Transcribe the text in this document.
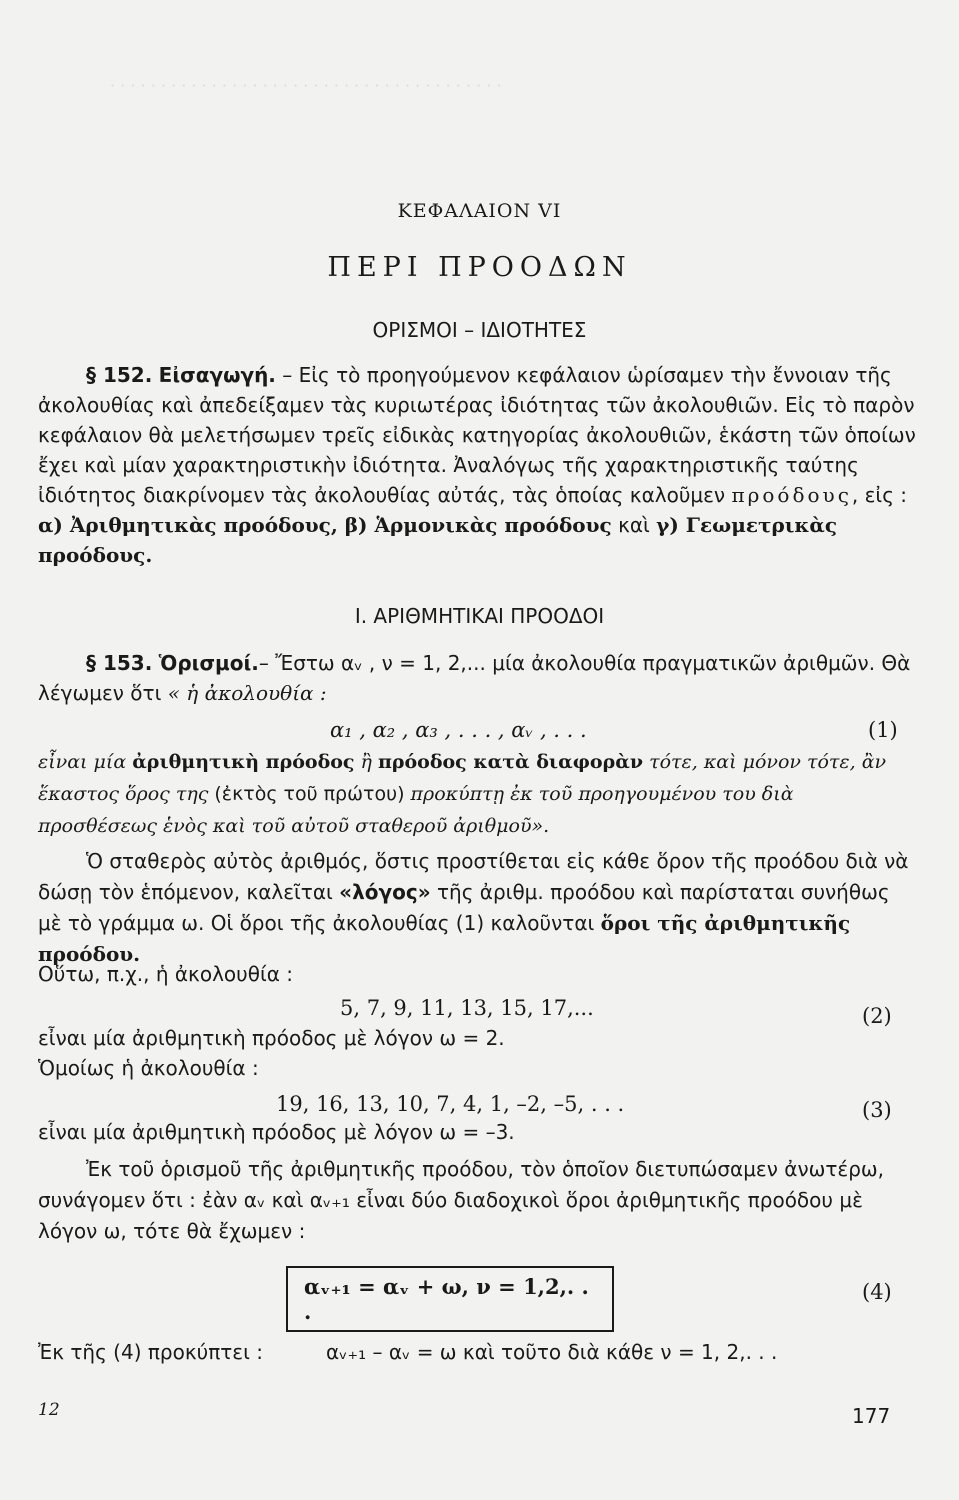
· · · · · · · · · · · · · · · · · · · · · · · · · · · · · · · · · · · · · · ·
ΚΕΦΑΛΑΙΟΝ VI
ΠΕΡΙ ΠΡΟΟΔΩΝ
ΟΡΙΣΜΟΙ – ΙΔΙΟΤΗΤΕΣ

§ 152. Εἰσαγωγή. – Εἰς τὸ προηγούμενον κεφάλαιον ὡρίσαμεν τὴν ἔννοιαν τῆς ἀκολουθίας καὶ ἀπεδείξαμεν τὰς κυριωτέρας ἰδιότητας τῶν ἀκολουθιῶν. Εἰς τὸ παρὸν κεφάλαιον θὰ μελετήσωμεν τρεῖς εἰδικὰς κατηγορίας ἀκολουθιῶν, ἑκάστη τῶν ὁποίων ἔχει καὶ μίαν χαρακτηριστικὴν ἰδιότητα. Ἀναλόγως τῆς χαρακτηριστικῆς ταύτης ἰδιότητος διακρίνομεν τὰς ἀκολουθίας αὐτάς, τὰς ὁποίας καλοῦμεν προόδους, εἰς : α) Ἀριθμητικὰς προόδους, β) Ἁρμονικὰς προόδους καὶ γ) Γεωμετρικὰς προόδους.

Ι. ΑΡΙΘΜΗΤΙΚΑΙ ΠΡΟΟΔΟΙ

§ 153. Ὁρισμοί.– Ἔστω αᵥ , ν = 1, 2,... μία ἀκολουθία πραγματικῶν ἀριθμῶν. Θὰ λέγωμεν ὅτι « ἡ ἀκολουθία :

α₁ , α₂ , α₃ , . . . , αᵥ , . . .	(1)

εἶναι μία ἀριθμητικὴ πρόοδος ἢ πρόοδος κατὰ διαφορὰν τότε, καὶ μόνον τότε, ἂν ἕκαστος ὅρος της (ἐκτὸς τοῦ πρώτου) προκύπτῃ ἐκ τοῦ προηγουμένου του διὰ προσθέσεως ἑνὸς καὶ τοῦ αὐτοῦ σταθεροῦ ἀριθμοῦ».

Ὁ σταθερὸς αὐτὸς ἀριθμός, ὅστις προστίθεται εἰς κάθε ὅρον τῆς προόδου διὰ νὰ δώσῃ τὸν ἑπόμενον, καλεῖται «λόγος» τῆς ἀριθμ. προόδου καὶ παρίσταται συνήθως μὲ τὸ γράμμα ω. Οἱ ὅροι τῆς ἀκολουθίας (1) καλοῦνται ὅροι τῆς ἀριθμητικῆς προόδου.

Οὕτω, π.χ., ἡ ἀκολουθία :
5, 7, 9, 11, 13, 15, 17,...	(2)
εἶναι μία ἀριθμητικὴ πρόοδος μὲ λόγον ω = 2.
Ὁμοίως ἡ ἀκολουθία :
19, 16, 13, 10, 7, 4, 1, –2, –5, . . .	(3)
εἶναι μία ἀριθμητικὴ πρόοδος μὲ λόγον ω = –3.

Ἐκ τοῦ ὁρισμοῦ τῆς ἀριθμητικῆς προόδου, τὸν ὁποῖον διετυπώσαμεν ἀνωτέρω, συνάγομεν ὅτι : ἐὰν αᵥ καὶ αᵥ₊₁ εἶναι δύο διαδοχικοὶ ὅροι ἀριθμητικῆς προόδου μὲ λόγον ω, τότε θὰ ἔχωμεν :

αᵥ₊₁ = αᵥ + ω, ν = 1,2,. . .
(4)
Ἐκ τῆς (4) προκύπτει :	αᵥ₊₁ – αᵥ = ω καὶ τοῦτο διὰ κάθε ν = 1, 2,. . .
12	177
